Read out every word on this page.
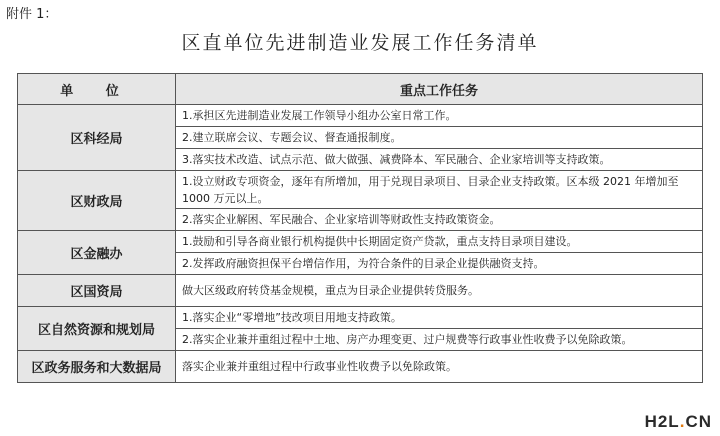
附件 1：
区直单位先进制造业发展工作任务清单
单 位	重点工作任务
区科经局	1.承担区先进制造业发展工作领导小组办公室日常工作。
	2.建立联席会议、专题会议、督查通报制度。
	3.落实技术改造、试点示范、做大做强、减费降本、军民融合、企业家培训等支持政策。
区财政局	1.设立财政专项资金，逐年有所增加，用于兑现目录项目、目录企业支持政策。区本级 2021 年增加至 1000 万元以上。
	2.落实企业解困、军民融合、企业家培训等财政性支持政策资金。
区金融办	1.鼓励和引导各商业银行机构提供中长期固定资产贷款，重点支持目录项目建设。
	2.发挥政府融资担保平台增信作用，为符合条件的目录企业提供融资支持。
区国资局	做大区级政府转贷基金规模，重点为目录企业提供转贷服务。
区自然资源和规划局	1.落实企业“零增地”技改项目用地支持政策。
	2.落实企业兼并重组过程中土地、房产办理变更、过户规费等行政事业性收费予以免除政策。
区政务服务和大数据局	落实企业兼并重组过程中行政事业性收费予以免除政策。
H2L.CN
